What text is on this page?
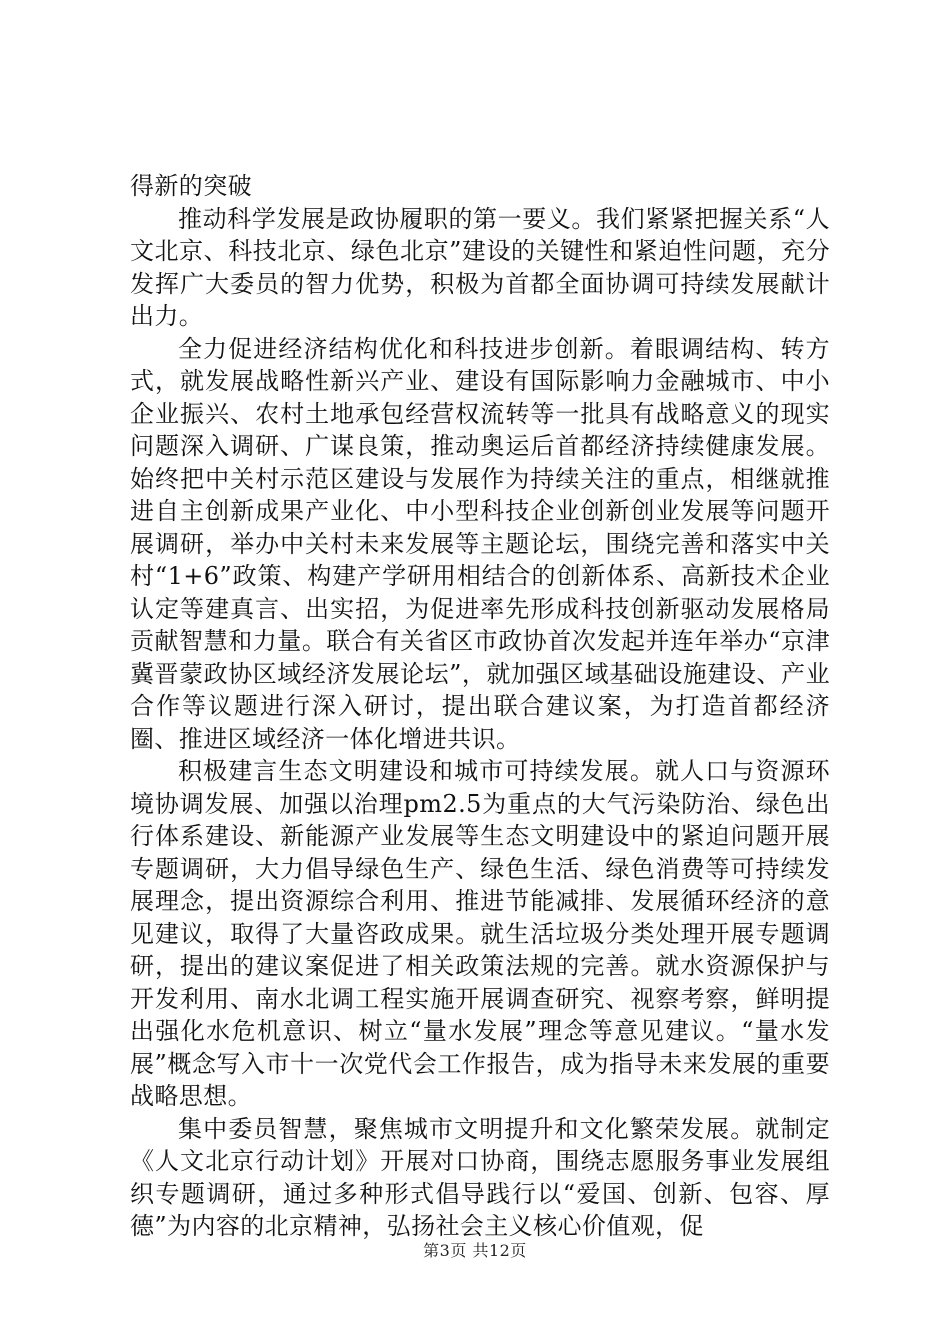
得新的突破

推动科学发展是政协履职的第一要义。我们紧紧把握关系“人文北京、科技北京、绿色北京”建设的关键性和紧迫性问题，充分发挥广大委员的智力优势，积极为首都全面协调可持续发展献计出力。

全力促进经济结构优化和科技进步创新。着眼调结构、转方式，就发展战略性新兴产业、建设有国际影响力金融城市、中小企业振兴、农村土地承包经营权流转等一批具有战略意义的现实问题深入调研、广谋良策，推动奥运后首都经济持续健康发展。始终把中关村示范区建设与发展作为持续关注的重点，相继就推进自主创新成果产业化、中小型科技企业创新创业发展等问题开展调研，举办中关村未来发展等主题论坛，围绕完善和落实中关村“1+6”政策、构建产学研用相结合的创新体系、高新技术企业认定等建真言、出实招，为促进率先形成科技创新驱动发展格局贡献智慧和力量。联合有关省区市政协首次发起并连年举办“京津冀晋蒙政协区域经济发展论坛”，就加强区域基础设施建设、产业合作等议题进行深入研讨，提出联合建议案，为打造首都经济圈、推进区域经济一体化增进共识。

积极建言生态文明建设和城市可持续发展。就人口与资源环境协调发展、加强以治理pm2.5为重点的大气污染防治、绿色出行体系建设、新能源产业发展等生态文明建设中的紧迫问题开展专题调研，大力倡导绿色生产、绿色生活、绿色消费等可持续发展理念，提出资源综合利用、推进节能减排、发展循环经济的意见建议，取得了大量咨政成果。就生活垃圾分类处理开展专题调研，提出的建议案促进了相关政策法规的完善。就水资源保护与开发利用、南水北调工程实施开展调查研究、视察考察，鲜明提出强化水危机意识、树立“量水发展”理念等意见建议。“量水发展”概念写入市十一次党代会工作报告，成为指导未来发展的重要战略思想。

集中委员智慧，聚焦城市文明提升和文化繁荣发展。就制定《人文北京行动计划》开展对口协商，围绕志愿服务事业发展组织专题调研，通过多种形式倡导践行以“爱国、创新、包容、厚德”为内容的北京精神，弘扬社会主义核心价值观，促

第3页 共12页
